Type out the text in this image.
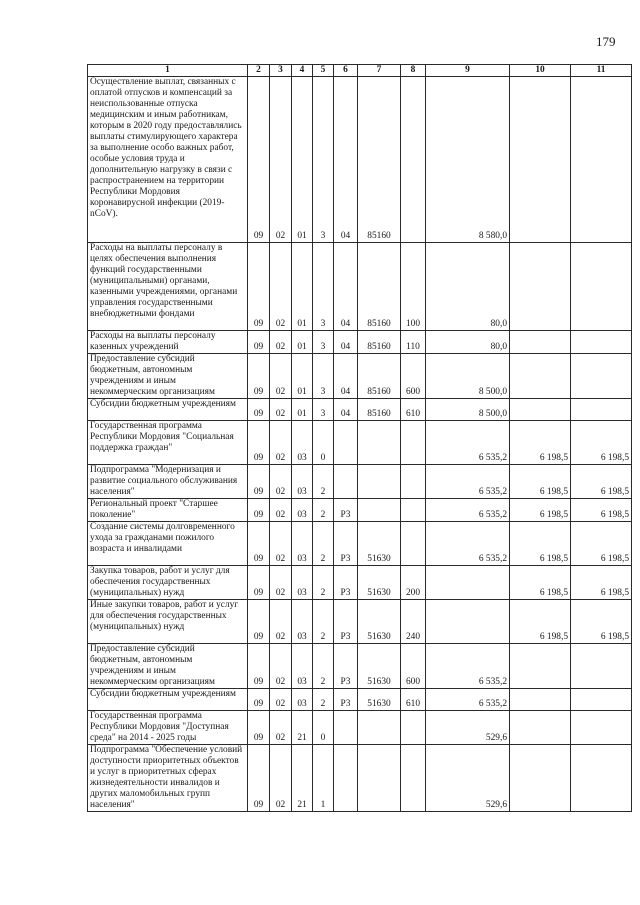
179
1	2	3	4	5	6	7	8	9	10	11
Осуществление выплат, связанных с оплатой отпусков и компенсаций за неиспользованные отпуска медицинским и иным работникам, которым в 2020 году предоставлялись выплаты стимулирующего характера за выполнение особо важных работ, особые условия труда и дополнительную нагрузку в связи с распространением на территории Республики Мордовия коронавирусной инфекции (2019-nCoV).	09	02	01	3	04	85160		8 580,0		
Расходы на выплаты персоналу в целях обеспечения выполнения функций государственными (муниципальными) органами, казенными учреждениями, органами управления государственными внебюджетными фондами	09	02	01	3	04	85160	100	80,0		
Расходы на выплаты персоналу казенных учреждений	09	02	01	3	04	85160	110	80,0		
Предоставление субсидий бюджетным, автономным учреждениям и иным некоммерческим организациям	09	02	01	3	04	85160	600	8 500,0		
Субсидии бюджетным учреждениям	09	02	01	3	04	85160	610	8 500,0		
Государственная программа Республики Мордовия "Социальная поддержка граждан"	09	02	03	0				6 535,2	6 198,5	6 198,5
Подпрограмма "Модернизация и развитие социального обслуживания населения"	09	02	03	2				6 535,2	6 198,5	6 198,5
Региональный проект "Старшее поколение"	09	02	03	2	P3			6 535,2	6 198,5	6 198,5
Создание системы долговременного ухода за гражданами пожилого возраста и инвалидами	09	02	03	2	P3	51630		6 535,2	6 198,5	6 198,5
Закупка товаров, работ и услуг для обеспечения государственных (муниципальных) нужд	09	02	03	2	P3	51630	200		6 198,5	6 198,5
Иные закупки товаров, работ и услуг для обеспечения государственных (муниципальных) нужд	09	02	03	2	P3	51630	240		6 198,5	6 198,5
Предоставление субсидий бюджетным, автономным учреждениям и иным некоммерческим организациям	09	02	03	2	P3	51630	600	6 535,2		
Субсидии бюджетным учреждениям	09	02	03	2	P3	51630	610	6 535,2		
Государственная программа Республики Мордовия "Доступная среда" на 2014 - 2025 годы	09	02	21	0				529,6		
Подпрограмма "Обеспечение условий доступности приоритетных объектов и услуг в приоритетных сферах жизнедеятельности инвалидов и других маломобильных групп населения"	09	02	21	1				529,6		
